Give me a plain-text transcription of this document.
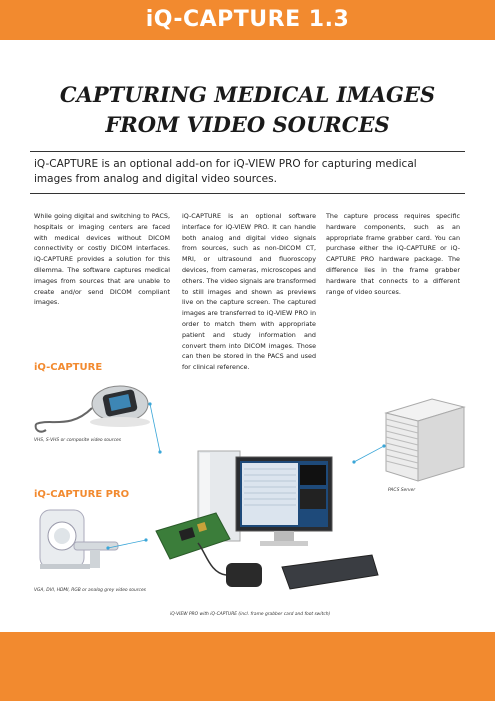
iQ-CAPTURE 1.3
CAPTURING MEDICAL IMAGES
FROM VIDEO SOURCES
iQ-CAPTURE is an optional add-on for iQ-VIEW PRO for capturing medical images from analog and digital video sources.
While going digital and switching to PACS, hospitals or imaging centers are faced with medical devices without DICOM connectivity or costly DICOM interfaces. iQ-CAPTURE provides a solution for this dilemma. The software captures medical images from sources that are unable to create and/or send DICOM compliant images.
iQ-CAPTURE is an optional software interface for iQ-VIEW PRO. It can handle both analog and digital video signals from sources, such as non-DICOM CT, MRI, or ultrasound and fluoroscopy devices, from cameras, microscopes and others. The video signals are transformed to still images and shown as previews live on the capture screen. The captured images are transferred to iQ-VIEW PRO in order to match them with appropriate patient and study information and convert them into DICOM images. Those can then be stored in the PACS and used for clinical reference.
The capture process requires specific hardware components, such as an appropriate frame grabber card. You can purchase either the iQ-CAPTURE or iQ-CAPTURE PRO hardware package. The difference lies in the frame grabber hardware that connects to a different range of video sources.
iQ-CAPTURE
iQ-CAPTURE PRO
VHS, S-VHS or composite video sources
VGA, DVI, HDMI, RGB or analog grey video sources
PACS Server
iQ-VIEW PRO with iQ-CAPTURE (incl. frame grabber card and foot switch)
